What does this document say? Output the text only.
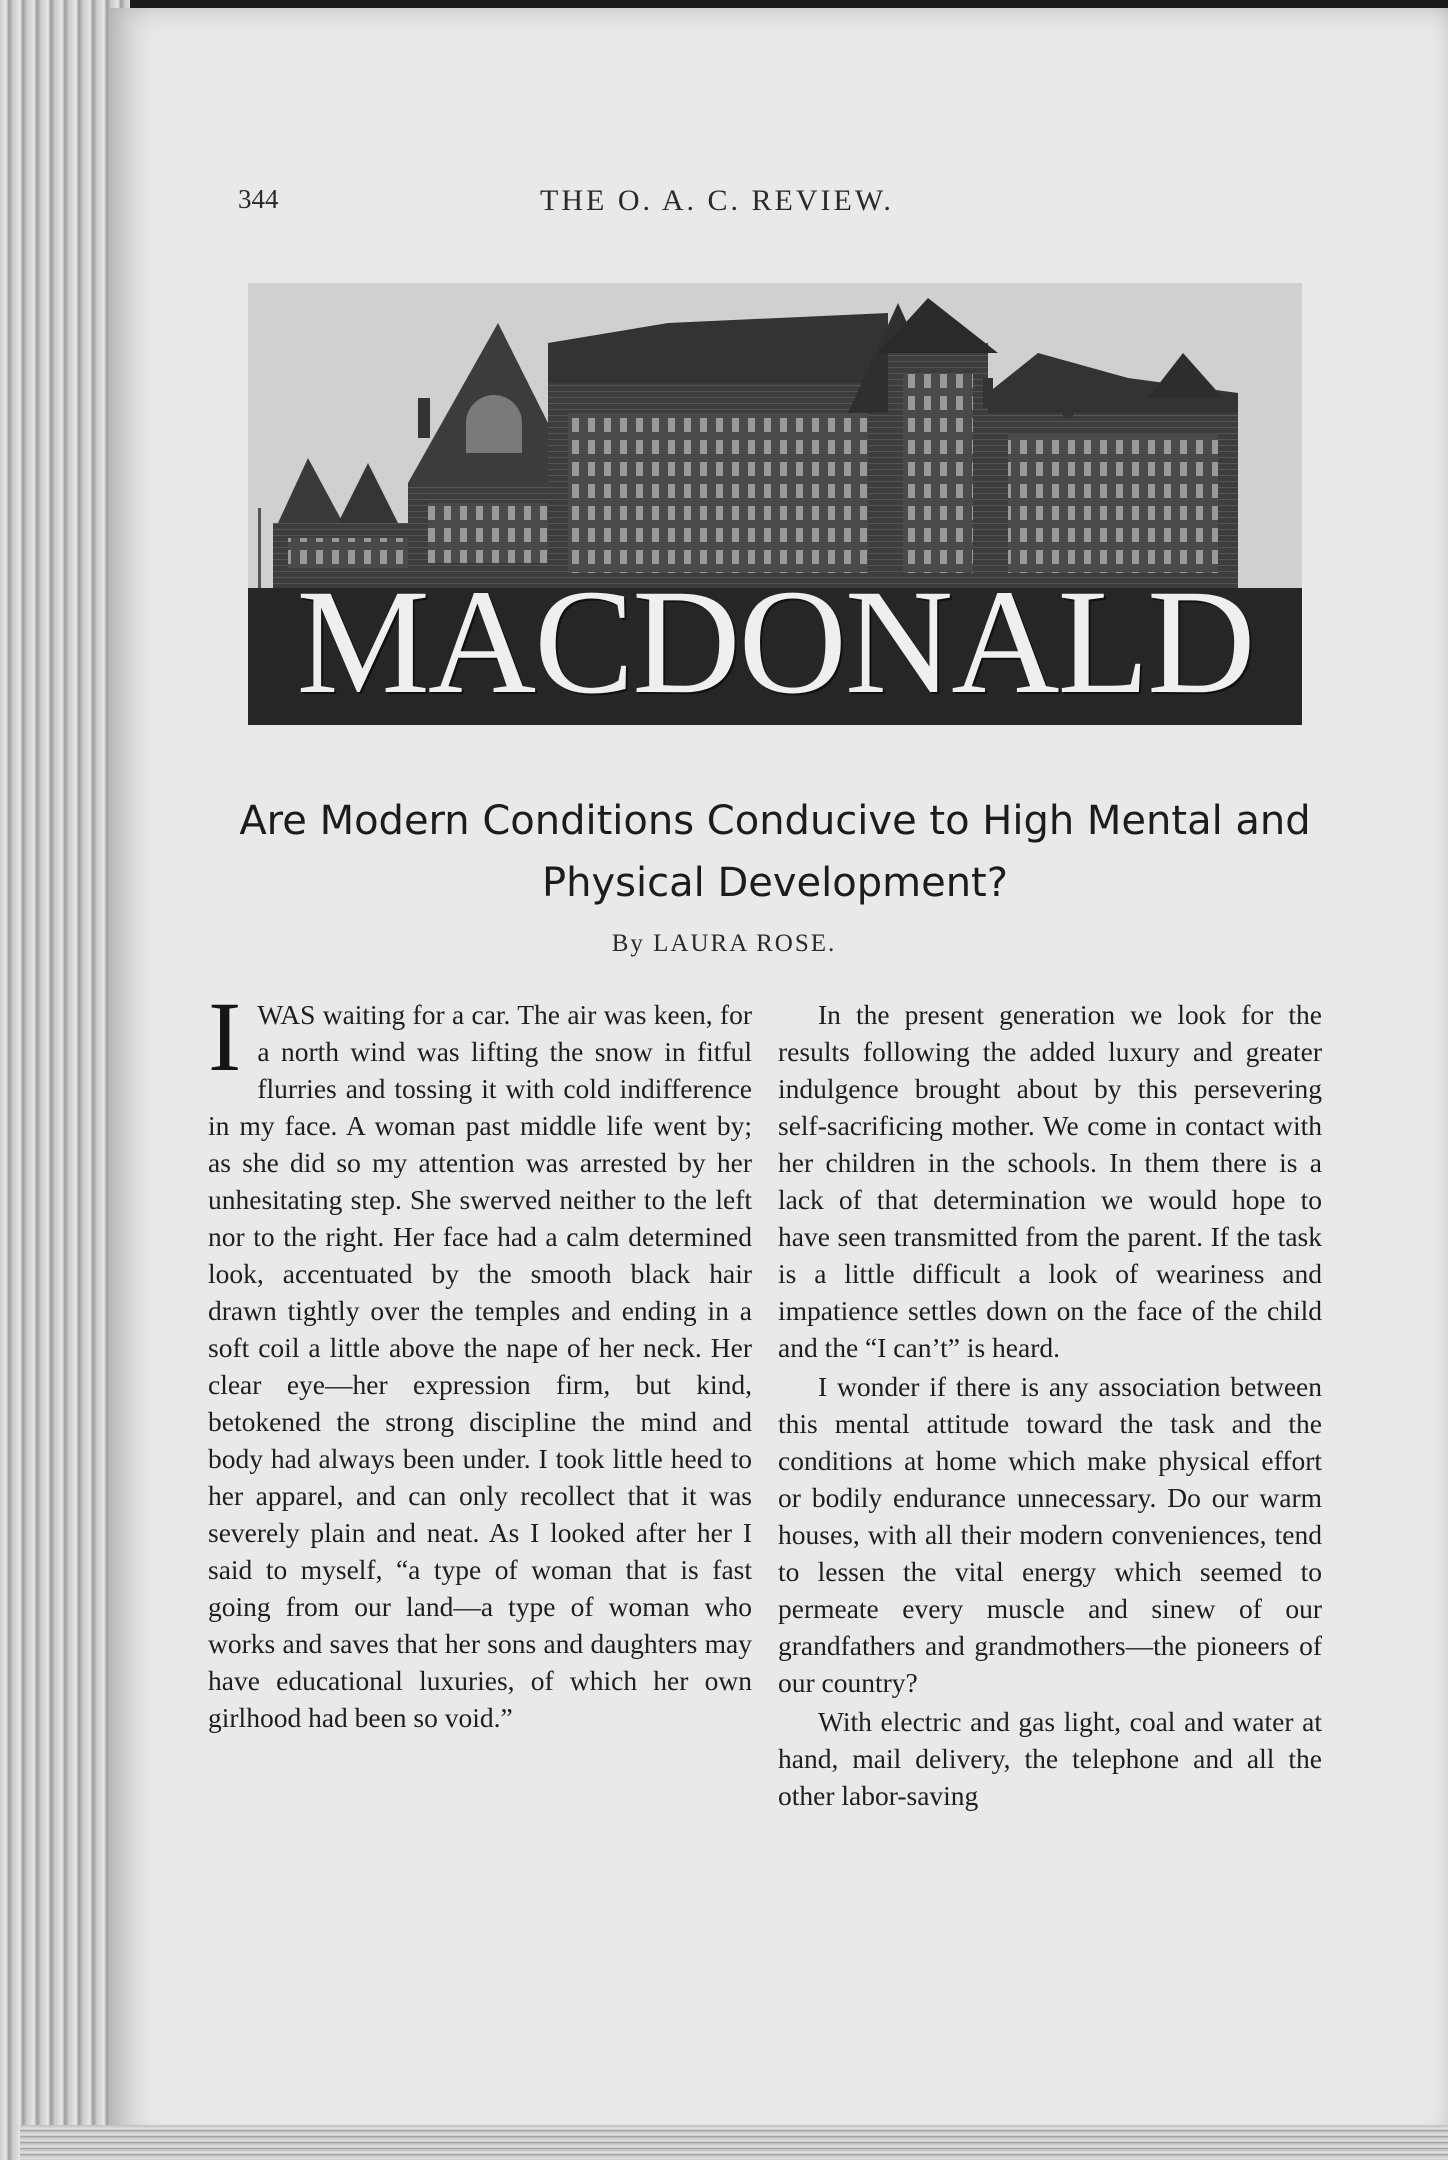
344	THE O. A. C. REVIEW.
MACDONALD
Are Modern Conditions Conducive to High Mental and Physical Development?
By LAURA ROSE.

IWAS waiting for a car. The air was keen, for a north wind was lifting the snow in fitful flurries and tossing it with cold indifference in my face. A woman past middle life went by; as she did so my attention was arrested by her unhesitating step. She swerved neither to the left nor to the right. Her face had a calm determined look, accentuated by the smooth black hair drawn tightly over the temples and ending in a soft coil a little above the nape of her neck. Her clear eye—her expression firm, but kind, betokened the strong discipline the mind and body had always been under. I took little heed to her apparel, and can only recollect that it was severely plain and neat. As I looked after her I said to myself, “a type of woman that is fast going from our land—a type of woman who works and saves that her sons and daughters may have educational luxuries, of which her own girlhood had been so void.”

In the present generation we look for the results following the added luxury and greater indulgence brought about by this persevering self-sacrificing mother. We come in contact with her children in the schools. In them there is a lack of that determination we would hope to have seen transmitted from the parent. If the task is a little difficult a look of weariness and impatience settles down on the face of the child and the “I can’t” is heard.

I wonder if there is any association between this mental attitude toward the task and the conditions at home which make physical effort or bodily endurance unnecessary. Do our warm houses, with all their modern conveniences, tend to lessen the vital energy which seemed to permeate every muscle and sinew of our grandfathers and grandmothers—the pioneers of our country?

With electric and gas light, coal and water at hand, mail delivery, the telephone and all the other labor-saving
